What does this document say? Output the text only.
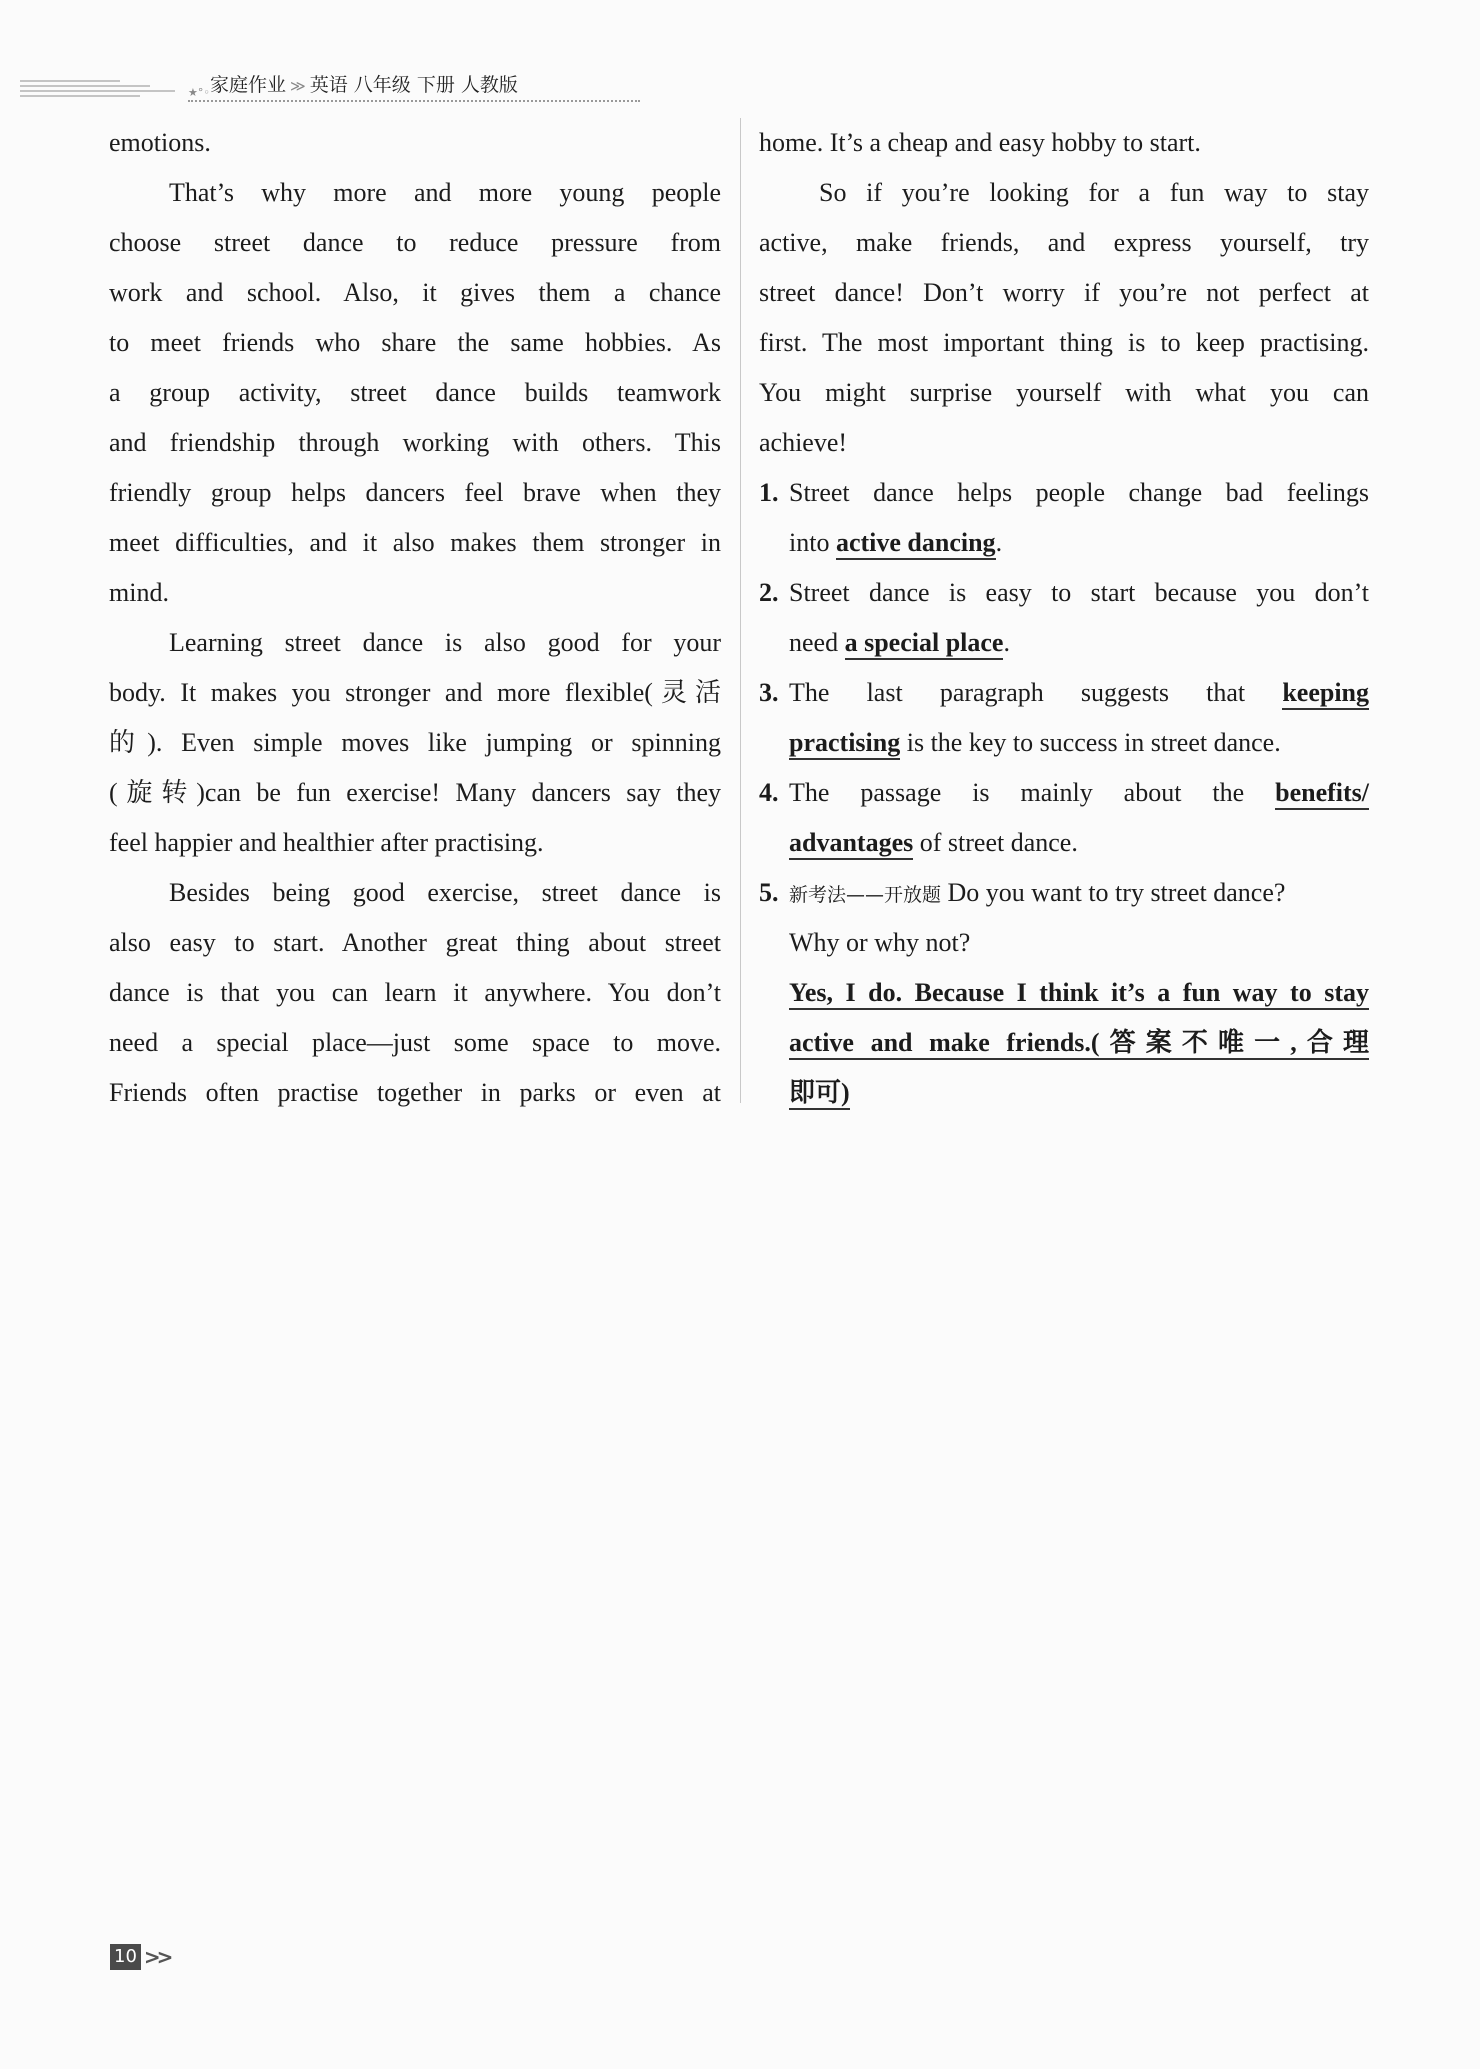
★°◦ 家庭作业 ≫ 英语 八年级 下册 人教版

emotions.

That’s why more and more young people

choose street dance to reduce pressure from

work and school. Also, it gives them a chance

to meet friends who share the same hobbies. As

a group activity, street dance builds teamwork

and friendship through working with others. This

friendly group helps dancers feel brave when they

meet difficulties, and it also makes them stronger in

mind.

Learning street dance is also good for your

body. It makes you stronger and more flexible(灵活

的). Even simple moves like jumping or spinning

(旋转)can be fun exercise! Many dancers say they

feel happier and healthier after practising.

Besides being good exercise, street dance is

also easy to start. Another great thing about street

dance is that you can learn it anywhere. You don’t

need a special place—just some space to move.

Friends often practise together in parks or even at

home. It’s a cheap and easy hobby to start.

So if you’re looking for a fun way to stay

active, make friends, and express yourself, try

street dance! Don’t worry if you’re not perfect at

first. The most important thing is to keep practising.

You might surprise yourself with what you can

achieve!

1. Street dance helps people change bad feelings

into active dancing.

2. Street dance is easy to start because you don’t

need a special place.

3. The last paragraph suggests that keeping

practising is the key to success in street dance.

4. The passage is mainly about the benefits/

advantages of street dance.

5. 新考法——开放题 Do you want to try street dance?

Why or why not?

Yes, I do. Because I think it’s a fun way to stay

active and make friends.(答案不唯一,合理

即可)

10 >>
